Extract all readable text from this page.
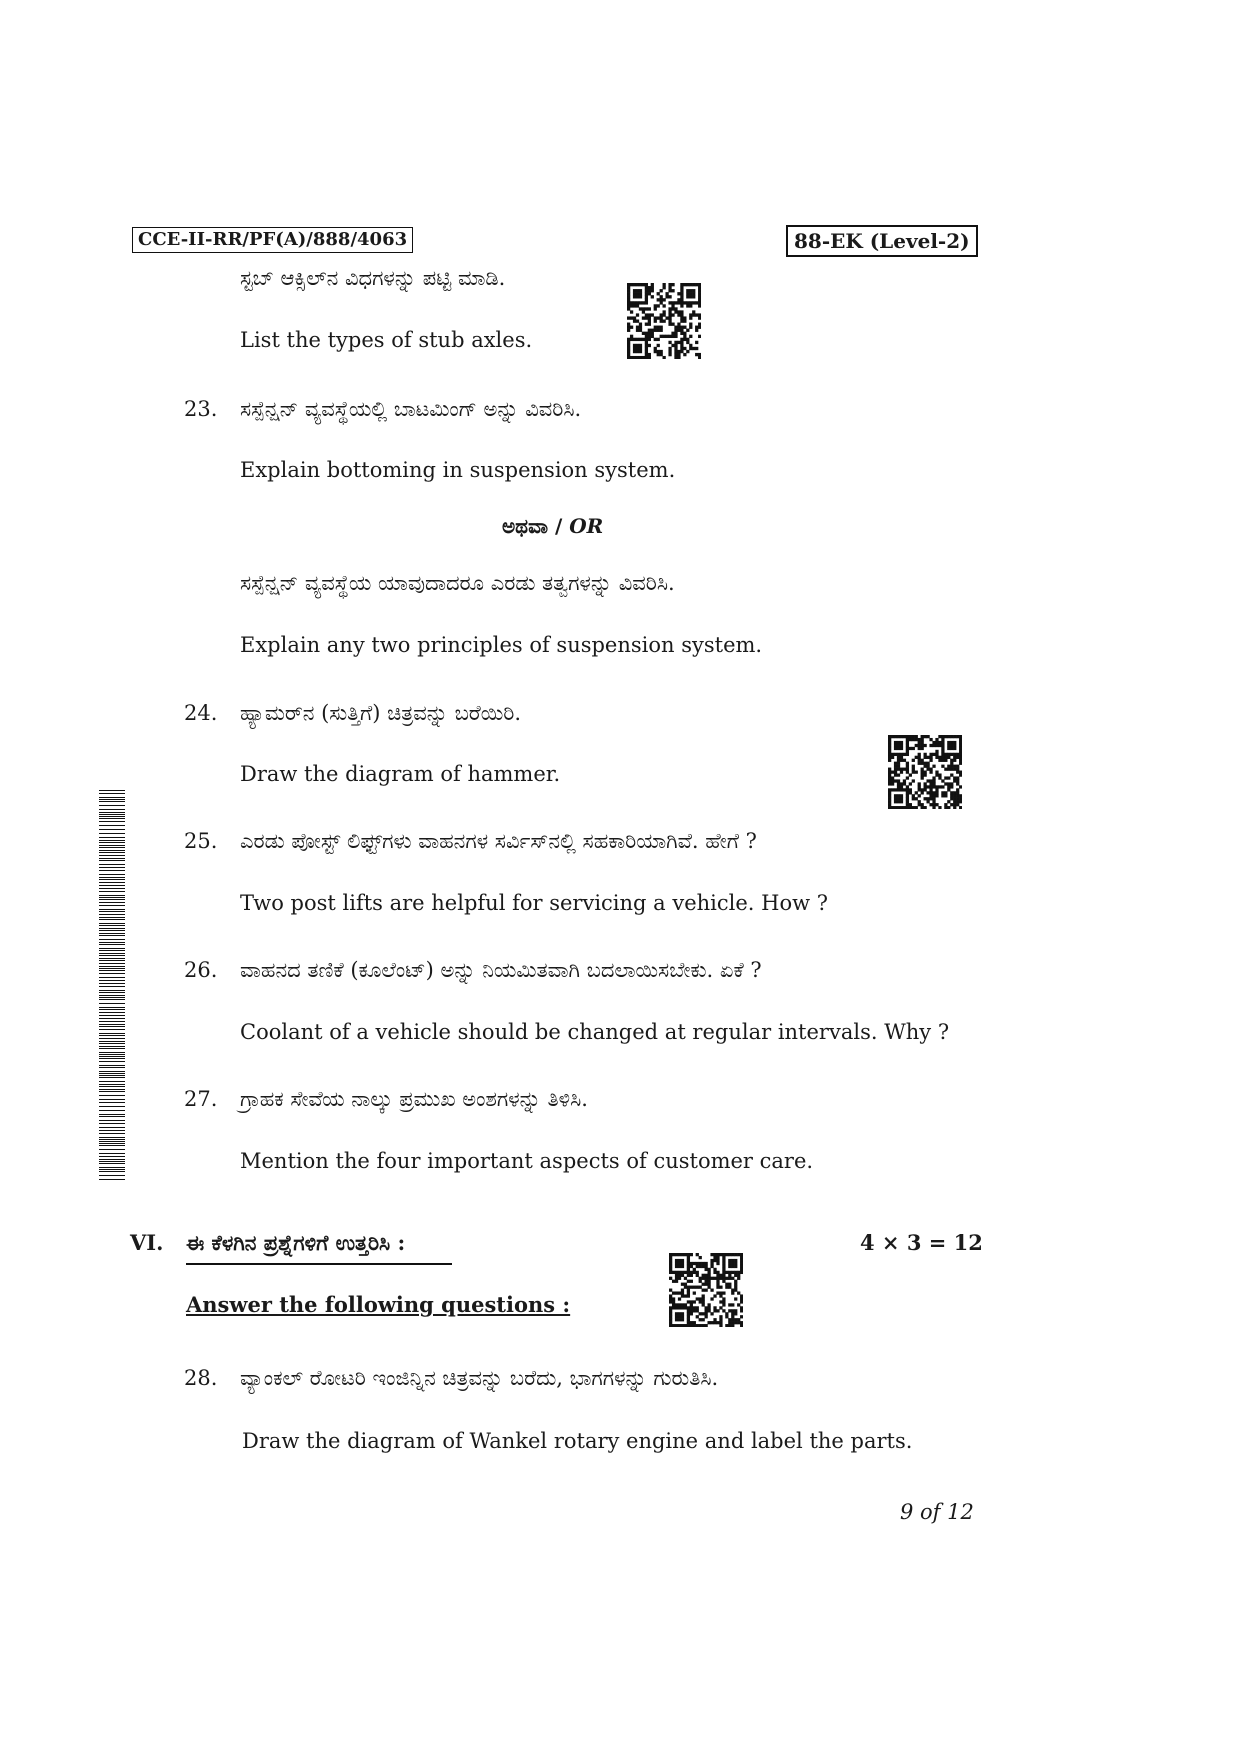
CCE-II-RR/PF(A)/888/4063	88-EK (Level-2)
ಸ್ಟಬ್ ಆಕ್ಸಿಲ್‌ನ ವಿಧಗಳನ್ನು ಪಟ್ಟಿ ಮಾಡಿ.
List the types of stub axles.
23. ಸಸ್ಪೆನ್ಷನ್ ವ್ಯವಸ್ಥೆಯಲ್ಲಿ ಬಾಟಮಿಂಗ್ ಅನ್ನು ವಿವರಿಸಿ.
Explain bottoming in suspension system.
ಅಥವಾ / OR
ಸಸ್ಪೆನ್ಷನ್ ವ್ಯವಸ್ಥೆಯ ಯಾವುದಾದರೂ ಎರಡು ತತ್ವಗಳನ್ನು ವಿವರಿಸಿ.
Explain any two principles of suspension system.
24. ಹ್ಯಾಮರ್‌ನ (ಸುತ್ತಿಗೆ) ಚಿತ್ರವನ್ನು ಬರೆಯಿರಿ.
Draw the diagram of hammer.
25. ಎರಡು ಪೋಸ್ಟ್ ಲಿಫ್ಟ್‌ಗಳು ವಾಹನಗಳ ಸರ್ವಿಸ್‌ನಲ್ಲಿ ಸಹಕಾರಿಯಾಗಿವೆ. ಹೇಗೆ ?
Two post lifts are helpful for servicing a vehicle. How ?
26. ವಾಹನದ ತಣಿಕೆ (ಕೂಲೆಂಟ್) ಅನ್ನು ನಿಯಮಿತವಾಗಿ ಬದಲಾಯಿಸಬೇಕು. ಏಕೆ ?
Coolant of a vehicle should be changed at regular intervals. Why ?
27. ಗ್ರಾಹಕ ಸೇವೆಯ ನಾಲ್ಕು ಪ್ರಮುಖ ಅಂಶಗಳನ್ನು ತಿಳಿಸಿ.
Mention the four important aspects of customer care.
VI. ಈ ಕೆಳಗಿನ ಪ್ರಶ್ನೆಗಳಿಗೆ ಉತ್ತರಿಸಿ :	4 × 3 = 12
Answer the following questions :
28. ವ್ಯಾಂಕಲ್ ರೋಟರಿ ಇಂಜಿನ್ನಿನ ಚಿತ್ರವನ್ನು ಬರೆದು, ಭಾಗಗಳನ್ನು ಗುರುತಿಸಿ.
Draw the diagram of Wankel rotary engine and label the parts.
9 of 12
